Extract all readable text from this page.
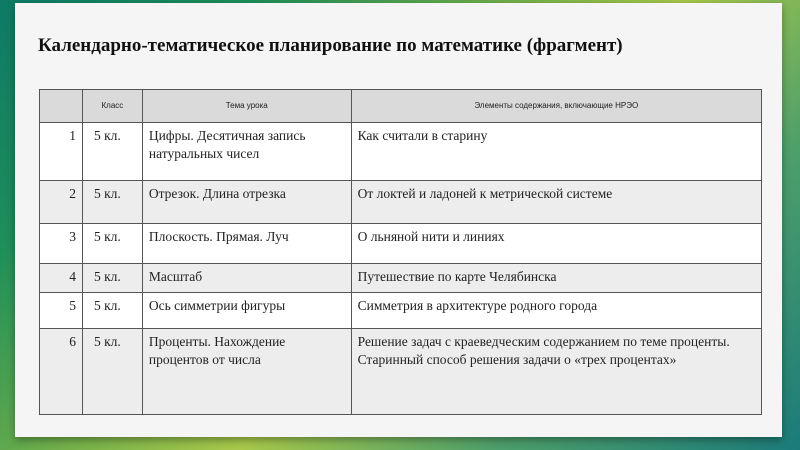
Календарно-тематическое планирование по математике (фрагмент)
	Класс	Тема урока	Элементы содержания, включающие НРЭО
1	5 кл.	Цифры. Десятичная запись натуральных чисел	Как считали в старину
2	5 кл.	Отрезок. Длина отрезка	От локтей и ладоней к метрической системе
3	5 кл.	Плоскость. Прямая. Луч	О льняной нити и линиях
4	5 кл.	Масштаб	Путешествие по карте Челябинска
5	5 кл.	Ось симметрии фигуры	Симметрия в архитектуре родного города
6	5 кл.	Проценты. Нахождение процентов от числа	Решение задач с краеведческим содержанием по теме проценты. Старинный способ решения задачи о «трех процентах»
